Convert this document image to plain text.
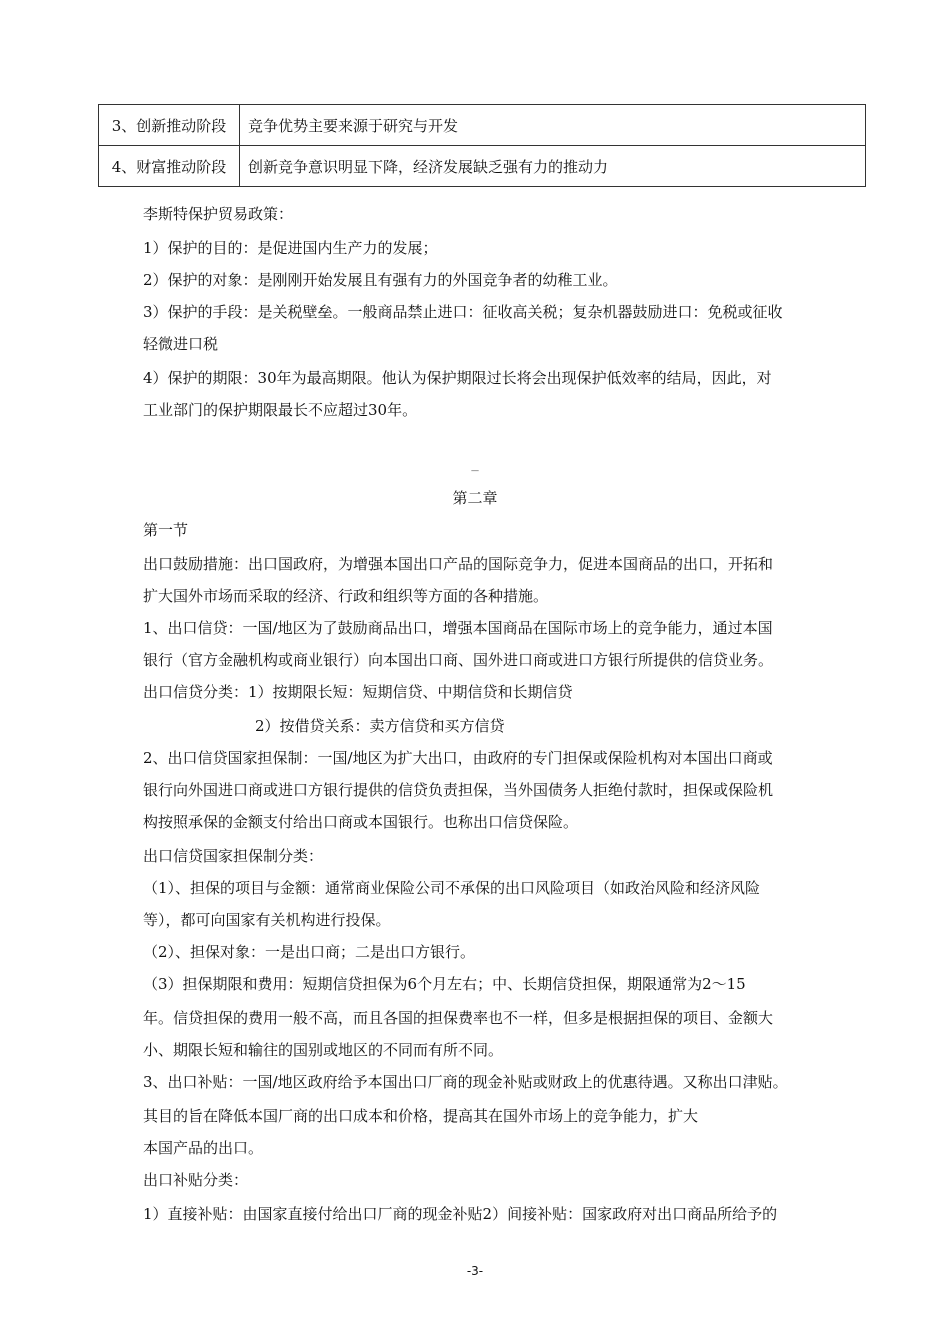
3、创新推动阶段	竞争优势主要来源于研究与开发
4、财富推动阶段	创新竞争意识明显下降，经济发展缺乏强有力的推动力
李斯特保护贸易政策：
1）保护的目的：是促进国内生产力的发展；
2）保护的对象：是刚刚开始发展且有强有力的外国竞争者的幼稚工业。
3）保护的手段：是关税壁垒。一般商品禁止进口：征收高关税；复杂机器鼓励进口：免税或征收
轻微进口税
4）保护的期限：30年为最高期限。他认为保护期限过长将会出现保护低效率的结局，因此，对
工业部门的保护期限最长不应超过30年。
—
第二章
第一节
出口鼓励措施：出口国政府，为增强本国出口产品的国际竞争力，促进本国商品的出口，开拓和
扩大国外市场而采取的经济、行政和组织等方面的各种措施。
1、出口信贷：一国/地区为了鼓励商品出口，增强本国商品在国际市场上的竞争能力，通过本国
银行（官方金融机构或商业银行）向本国出口商、国外进口商或进口方银行所提供的信贷业务。
出口信贷分类：1）按期限长短：短期信贷、中期信贷和长期信贷
2）按借贷关系：卖方信贷和买方信贷
2、出口信贷国家担保制：一国/地区为扩大出口，由政府的专门担保或保险机构对本国出口商或
银行向外国进口商或进口方银行提供的信贷负责担保，当外国债务人拒绝付款时，担保或保险机
构按照承保的金额支付给出口商或本国银行。也称出口信贷保险。
出口信贷国家担保制分类：
（1）、担保的项目与金额：通常商业保险公司不承保的出口风险项目（如政治风险和经济风险
等），都可向国家有关机构进行投保。
（2）、担保对象：一是出口商；二是出口方银行。
（3）担保期限和费用：短期信贷担保为6个月左右；中、长期信贷担保，期限通常为2～15
年。信贷担保的费用一般不高，而且各国的担保费率也不一样，但多是根据担保的项目、金额大
小、期限长短和输往的国别或地区的不同而有所不同。
3、出口补贴：一国/地区政府给予本国出口厂商的现金补贴或财政上的优惠待遇。又称出口津贴。
其目的旨在降低本国厂商的出口成本和价格，提高其在国外市场上的竞争能力，扩大
本国产品的出口。
出口补贴分类：
1）直接补贴：由国家直接付给出口厂商的现金补贴2）间接补贴：国家政府对出口商品所给予的
-3-
